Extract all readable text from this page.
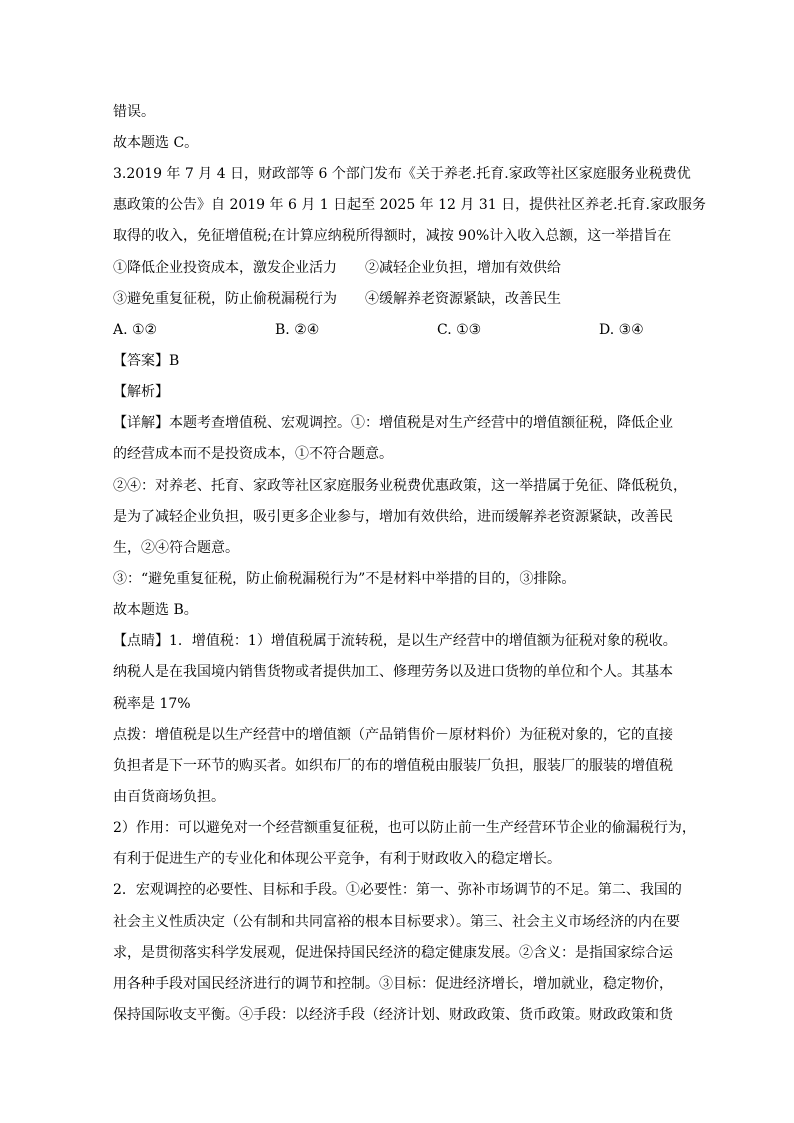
错误。
故本题选 C。
3.2019 年 7 月 4 日，财政部等 6 个部门发布《关于养老.托育.家政等社区家庭服务业税费优
惠政策的公告》自 2019 年 6 月 1 日起至 2025 年 12 月 31 日，提供社区养老.托育.家政服务
取得的收入，免征增值税;在计算应纳税所得额时，减按 90%计入收入总额，这一举措旨在
①降低企业投资成本，激发企业活力　　②减轻企业负担，增加有效供给
③避免重复征税，防止偷税漏税行为　　④缓解养老资源紧缺，改善民生
A. ①②	B. ②④	C. ①③	D. ③④
【答案】B
【解析】
【详解】本题考查增值税、宏观调控。①：增值税是对生产经营中的增值额征税，降低企业
的经营成本而不是投资成本，①不符合题意。
②④：对养老、托育、家政等社区家庭服务业税费优惠政策，这一举措属于免征、降低税负，
是为了减轻企业负担，吸引更多企业参与，增加有效供给，进而缓解养老资源紧缺，改善民
生，②④符合题意。
③：“避免重复征税，防止偷税漏税行为”不是材料中举措的目的，③排除。
故本题选 B。
【点睛】1．增值税：1）增值税属于流转税，是以生产经营中的增值额为征税对象的税收。
纳税人是在我国境内销售货物或者提供加工、修理劳务以及进口货物的单位和个人。其基本
税率是 17%
点拨：增值税是以生产经营中的增值额（产品销售价－原材料价）为征税对象的，它的直接
负担者是下一环节的购买者。如织布厂的布的增值税由服装厂负担，服装厂的服装的增值税
由百货商场负担。
2）作用：可以避免对一个经营额重复征税，也可以防止前一生产经营环节企业的偷漏税行为，
有利于促进生产的专业化和体现公平竞争，有利于财政收入的稳定增长。
2．宏观调控的必要性、目标和手段。①必要性：第一、弥补市场调节的不足。第二、我国的
社会主义性质决定（公有制和共同富裕的根本目标要求）。第三、社会主义市场经济的内在要
求，是贯彻落实科学发展观，促进保持国民经济的稳定健康发展。②含义：是指国家综合运
用各种手段对国民经济进行的调节和控制。③目标：促进经济增长，增加就业，稳定物价，
保持国际收支平衡。④手段：以经济手段（经济计划、财政政策、货币政策。财政政策和货
